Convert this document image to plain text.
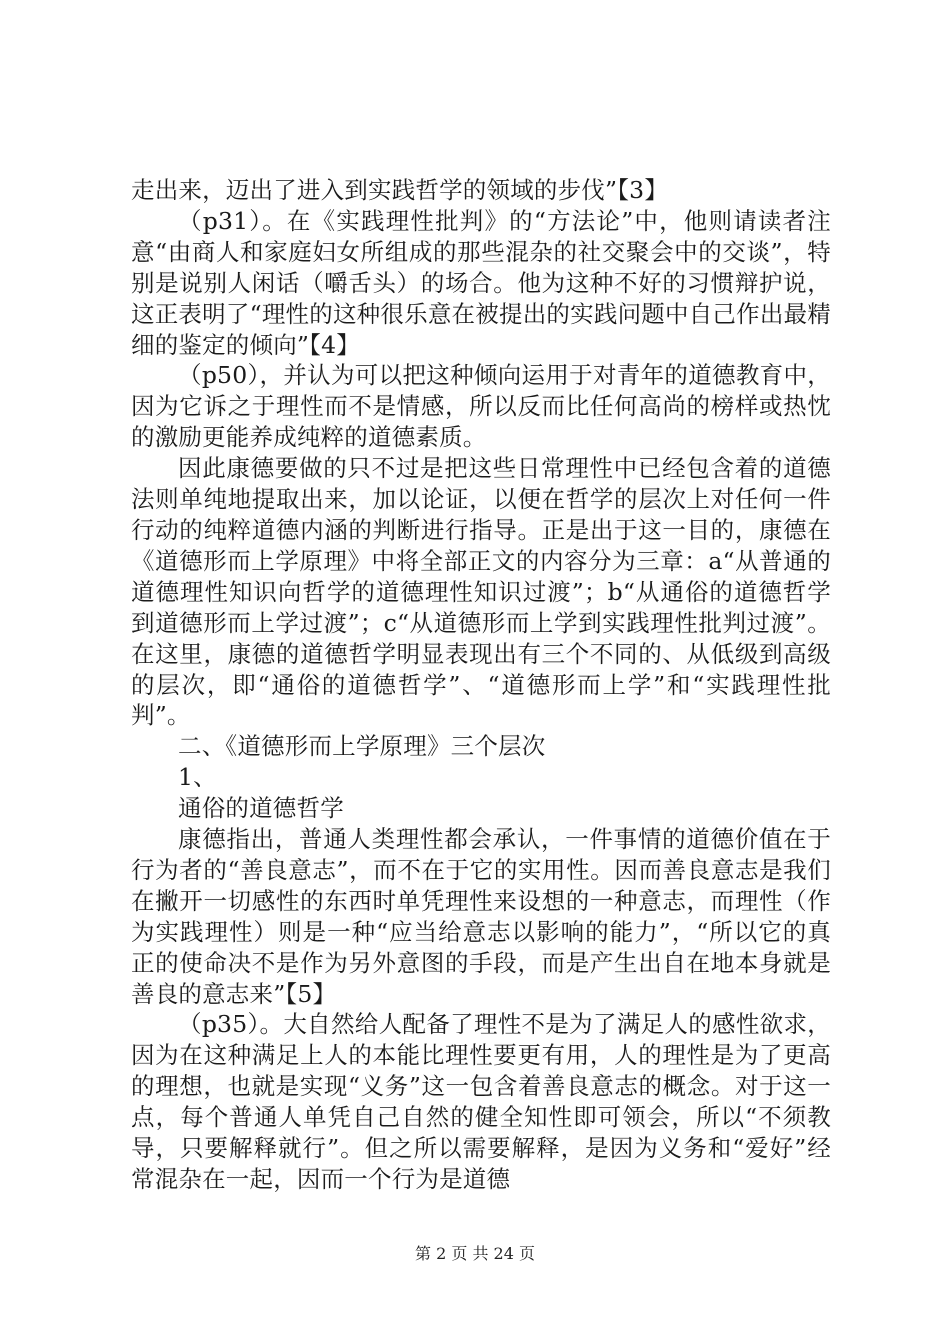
走出来，迈出了进入到实践哲学的领域的步伐”【3】

（p31）。在《实践理性批判》的“方法论”中，他则请读者注意“由商人和家庭妇女所组成的那些混杂的社交聚会中的交谈”，特别是说别人闲话（嚼舌头）的场合。他为这种不好的习惯辩护说，这正表明了“理性的这种很乐意在被提出的实践问题中自己作出最精细的鉴定的倾向”【4】

（p50），并认为可以把这种倾向运用于对青年的道德教育中，因为它诉之于理性而不是情感，所以反而比任何高尚的榜样或热忱的激励更能养成纯粹的道德素质。

因此康德要做的只不过是把这些日常理性中已经包含着的道德法则单纯地提取出来，加以论证，以便在哲学的层次上对任何一件行动的纯粹道德内涵的判断进行指导。正是出于这一目的，康德在《道德形而上学原理》中将全部正文的内容分为三章：a“从普通的道德理性知识向哲学的道德理性知识过渡”；b“从通俗的道德哲学到道德形而上学过渡”；c“从道德形而上学到实践理性批判过渡”。在这里，康德的道德哲学明显表现出有三个不同的、从低级到高级的层次，即“通俗的道德哲学”、“道德形而上学”和“实践理性批判”。

二、《道德形而上学原理》三个层次

1、

通俗的道德哲学

康德指出，普通人类理性都会承认，一件事情的道德价值在于行为者的“善良意志”，而不在于它的实用性。因而善良意志是我们在撇开一切感性的东西时单凭理性来设想的一种意志，而理性（作为实践理性）则是一种“应当给意志以影响的能力”，“所以它的真正的使命决不是作为另外意图的手段，而是产生出自在地本身就是善良的意志来”【5】

（p35）。大自然给人配备了理性不是为了满足人的感性欲求，因为在这种满足上人的本能比理性要更有用，人的理性是为了更高的理想，也就是实现“义务”这一包含着善良意志的概念。对于这一点，每个普通人单凭自己自然的健全知性即可领会，所以“不须教导，只要解释就行”。但之所以需要解释，是因为义务和“爱好”经常混杂在一起，因而一个行为是道德

第 2 页 共 24 页
